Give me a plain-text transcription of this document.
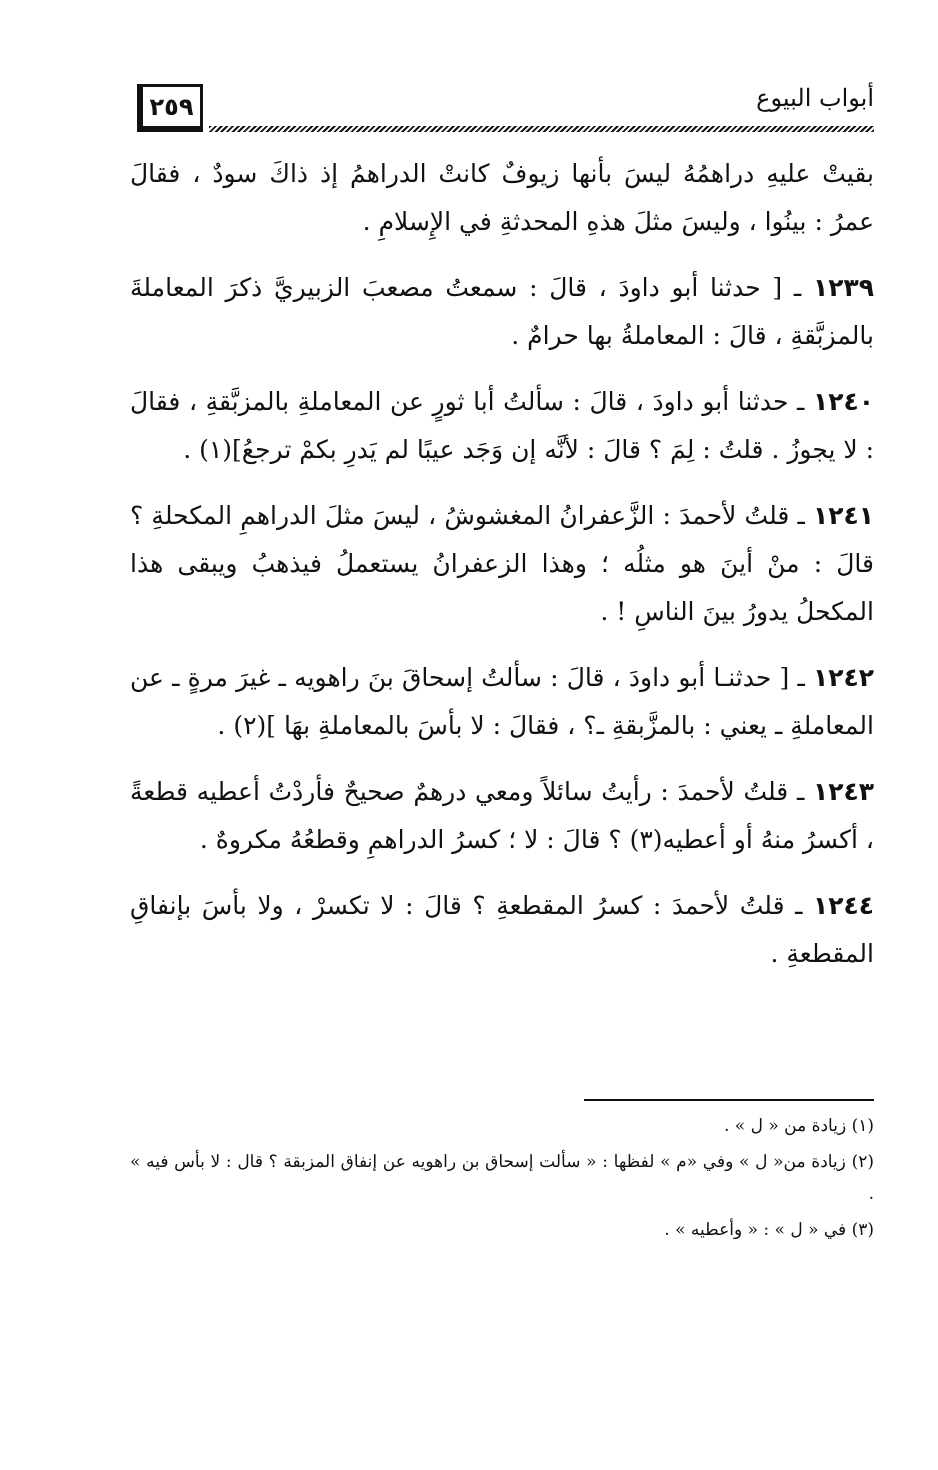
٢٥٩	أبواب البيوع

بقيتْ عليهِ دراهمُهُ ليسَ بأنها زيوفٌ كانتْ الدراهمُ إذ ذاكَ سودٌ ، فقالَ عمرُ : بينُوا ، وليسَ مثلَ هذهِ المحدثةِ في الإِسلامِ .

١٢٣٩ ـ [ حدثنا أبو داودَ ، قالَ : سمعتُ مصعبَ الزبيريَّ ذكرَ المعاملةَ بالمزبَّقةِ ، قالَ : المعاملةُ بها حرامٌ .

١٢٤٠ ـ حدثنا أبو داودَ ، قالَ : سألتُ أبا ثورٍ عن المعاملةِ بالمزبَّقةِ ، فقالَ : لا يجوزُ . قلتُ : لِمَ ؟ قالَ : لأنَّه إن وَجَد عيبًا لم يَدرِ بكمْ ترجعُ](١) .

١٢٤١ ـ قلتُ لأحمدَ : الزَّعفرانُ المغشوشُ ، ليسَ مثلَ الدراهمِ المكحلةِ ؟ قالَ : منْ أينَ هو مثلُه ؛ وهذا الزعفرانُ يستعملُ فيذهبُ ويبقى هذا المكحلُ يدورُ بينَ الناسِ ! .

١٢٤٢ ـ [ حدثنـا أبو داودَ ، قالَ : سألتُ إسحاقَ بنَ راهويه ـ غيرَ مرةٍ ـ عن المعاملةِ ـ يعني : بالمزَّبقةِ ـ؟ ، فقالَ : لا بأسَ بالمعاملةِ بهَا ](٢) .

١٢٤٣ ـ قلتُ لأحمدَ : رأيتُ سائلاً ومعي درهمٌ صحيحٌ فأردْتُ أعطيه قطعةً ، أكسرُ منهُ أو أعطيه(٣) ؟ قالَ : لا ؛ كسرُ الدراهمِ وقطعُهُ مكروهٌ .

١٢٤٤ ـ قلتُ لأحمدَ : كسرُ المقطعةِ ؟ قالَ : لا تكسرْ ، ولا بأسَ بإنفاقِ المقطعةِ .

(١) زيادة من « ل » .

(٢) زيادة من« ل » وفي «م » لفظها : « سألت إسحاق بن راهويه عن إنفاق المزبقة ؟ قال : لا بأس فيه » .

(٣) في « ل » : « وأعطيه » .
